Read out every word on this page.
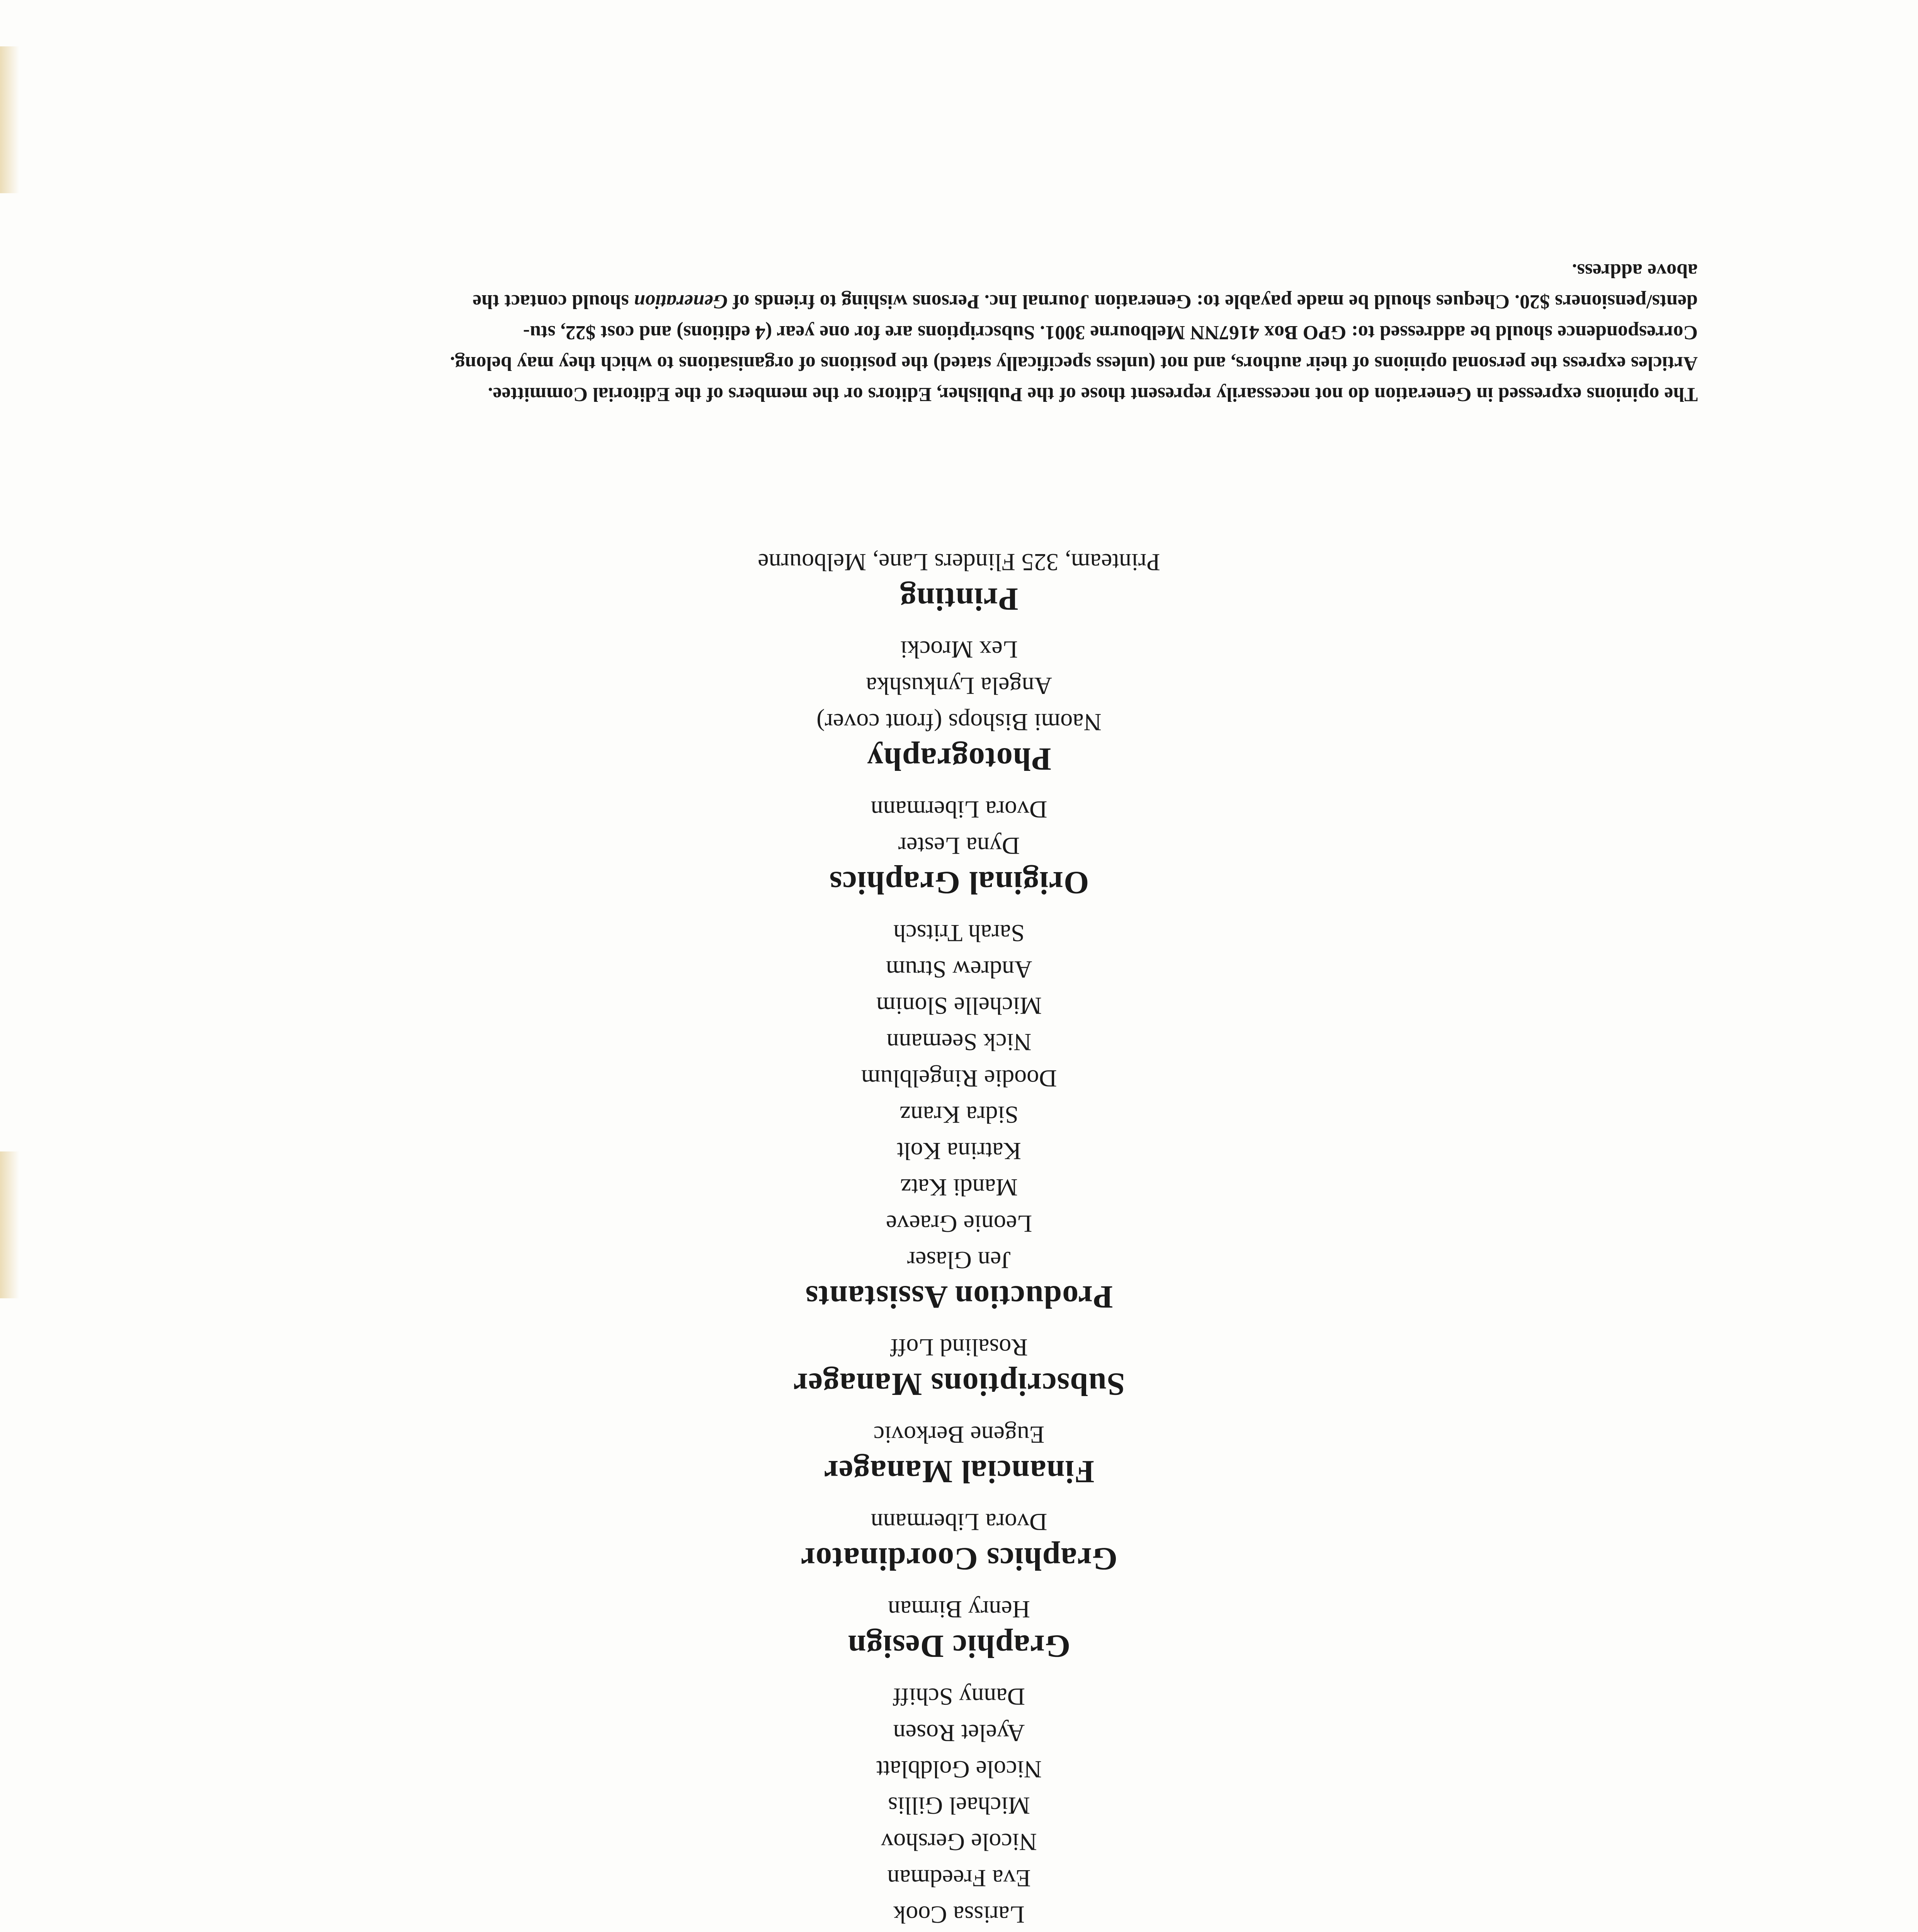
Larissa Cook
Eva Freedman
Nicole Gershov
Michael Gillis
Nicole Goldblatt
Ayelet Rosen
Danny Schiff
Graphic Design
Henry Birman
Graphics Coordinator
Dvora Libermann
Financial Manager
Eugene Berkovic
Subscriptions Manager
Rosalind Loff
Production Assistants
Jen Glaser
Leonie Graeve
Mandi Katz
Katrina Kolt
Sidra Kranz
Doodie Ringelblum
Nick Seemann
Michelle Slonim
Andrew Strum
Sarah Tritsch
Original Graphics
Dyna Lester
Dvora Libermann
Photography
Naomi Bishops (front cover)
Angela Lynkushka
Lex Mrocki
Printing
Printeam, 325 Flinders Lane, Melbourne

The opinions expressed in Generation do not necessarily represent those of the Publisher, Editors or the members of the Editorial Committee.

Articles express the personal opinions of their authors, and not (unless specifically stated) the positions of organisations to which they may belong.

Correspondence should be addressed to: GPO Box 4167NN Melbourne 3001. Subscriptions are for one year (4 editions) and cost $22, stu-

dents/pensioners $20. Cheques should be made payable to: Generation Journal Inc. Persons wishing to friends of Generation should contact the

above address.
